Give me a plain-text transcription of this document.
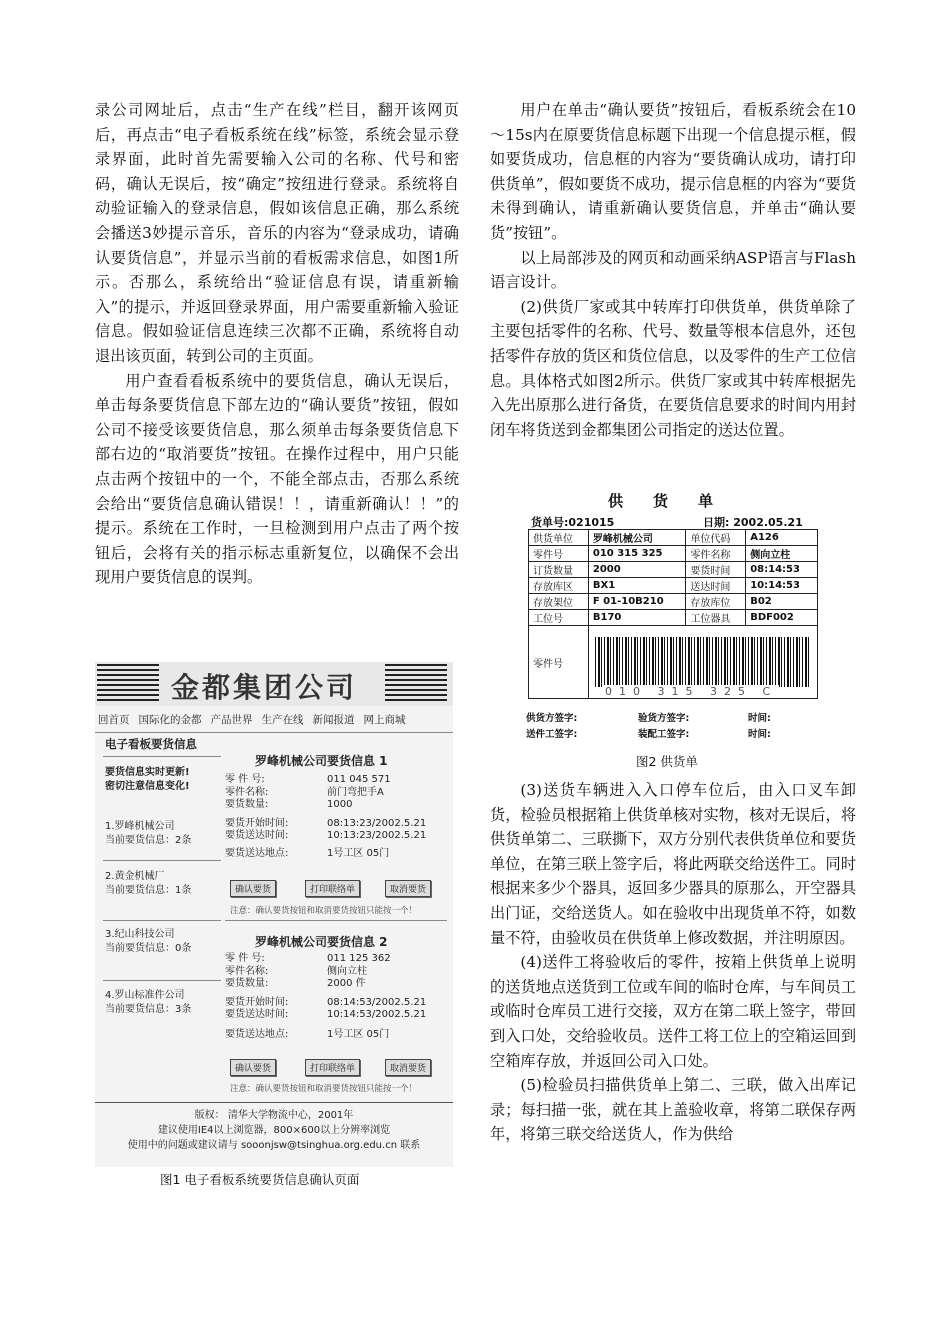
录公司网址后，点击“生产在线”栏目，翻开该网页后，再点击“电子看板系统在线”标签，系统会显示登录界面，此时首先需要输入公司的名称、代号和密码，确认无误后，按“确定”按纽进行登录。系统将自动验证输入的登录信息，假如该信息正确，那么系统会播送3妙提示音乐，音乐的内容为“登录成功，请确认要货信息”，并显示当前的看板需求信息，如图1所示。否那么，系统给出“验证信息有误，请重新输入”的提示，并返回登录界面，用户需要重新输入验证信息。假如验证信息连续三次都不正确，系统将自动退出该页面，转到公司的主页面。

用户查看看板系统中的要货信息，确认无误后，单击每条要货信息下部左边的“确认要货”按钮，假如公司不接受该要货信息，那么须单击每条要货信息下部右边的“取消要货”按钮。在操作过程中，用户只能点击两个按钮中的一个，不能全部点击，否那么系统会给出“要货信息确认错误！！，请重新确认！！”的提示。系统在工作时，一旦检测到用户点击了两个按钮后，会将有关的指示标志重新复位，以确保不会出现用户要货信息的误判。

金都集团公司
回首页 国际化的金都 产品世界 生产在线 新闻报道 网上商城
电子看板要货信息
要货信息实时更新!
密切注意信息变化!
1.罗峰机械公司
当前要货信息：2条
2.黄金机械厂
当前要货信息：1条
3.纪山科技公司
当前要货信息：0条
4.罗山标准件公司
当前要货信息：3条
罗峰机械公司要货信息 1
零 件 号:	011 045 571
零件名称:	前门弯把手A
要货数量:	1000
要货开始时间:	08:13:23/2002.5.21
要货送达时间:	10:13:23/2002.5.21
要货送达地点:	1号工区 05门
确认要货	打印联络单	取消要货
注意：确认要货按钮和取消要货按钮只能按一个！
罗峰机械公司要货信息 2
零 件 号:	011 125 362
零件名称:	侧向立柱
要货数量:	2000 件
要货开始时间:	08:14:53/2002.5.21
要货送达时间:	10:14:53/2002.5.21
要货送达地点:	1号工区 05门
确认要货	打印联络单	取消要货
注意：确认要货按钮和取消要货按钮只能按一个！
版权： 清华大学物流中心，2001年
建议使用IE4以上浏览器，800×600以上分辨率浏览
使用中的问题或建议请与 sooonjsw@tsinghua.org.edu.cn 联系
图1 电子看板系统要货信息确认页面

用户在单击“确认要货”按钮后，看板系统会在10～15s内在原要货信息标题下出现一个信息提示框，假如要货成功，信息框的内容为“要货确认成功，请打印供货单”，假如要货不成功，提示信息框的内容为“要货未得到确认，请重新确认要货信息，并单击“确认要货”按钮”。

以上局部涉及的网页和动画采纳ASP语言与Flash语言设计。

(2)供货厂家或其中转库打印供货单，供货单除了主要包括零件的名称、代号、数量等根本信息外，还包括零件存放的货区和货位信息，以及零件的生产工位信息。具体格式如图2所示。供货厂家或其中转库根据先入先出原那么进行备货，在要货信息要求的时间内用封闭车将货送到金都集团公司指定的送达位置。

供货单
货单号:021015	日期: 2002.05.21
供货单位	罗峰机械公司	单位代码	A126
零件号	010 315 325	零件名称	侧向立柱
订货数量	2000	要货时间	08:14:53
存放库区	BX1	送达时间	10:14:53
存放架位	F 01-10B210	存放库位	B02
工位号	B170	工位器具	BDF002
零件号			
010 315 325 C
供货方签字:	验货方签字:	时间:
送件工签字:	装配工签字:	时间:
图2 供货单

(3)送货车辆进入入口停车位后，由入口叉车卸货，检验员根据箱上供货单核对实物，核对无误后，将供货单第二、三联撕下，双方分别代表供货单位和要货单位，在第三联上签字后，将此两联交给送件工。同时根据来多少个器具，返回多少器具的原那么，开空器具出门证，交给送货人。如在验收中出现货单不符，如数量不符，由验收员在供货单上修改数据，并注明原因。

(4)送件工将验收后的零件，按箱上供货单上说明的送货地点送货到工位或车间的临时仓库，与车间员工或临时仓库员工进行交接，双方在第二联上签字，带回到入口处，交给验收员。送件工将工位上的空箱运回到空箱库存放，并返回公司入口处。

(5)检验员扫描供货单上第二、三联，做入出库记录；每扫描一张，就在其上盖验收章，将第二联保存两年，将第三联交给送货人，作为供给
